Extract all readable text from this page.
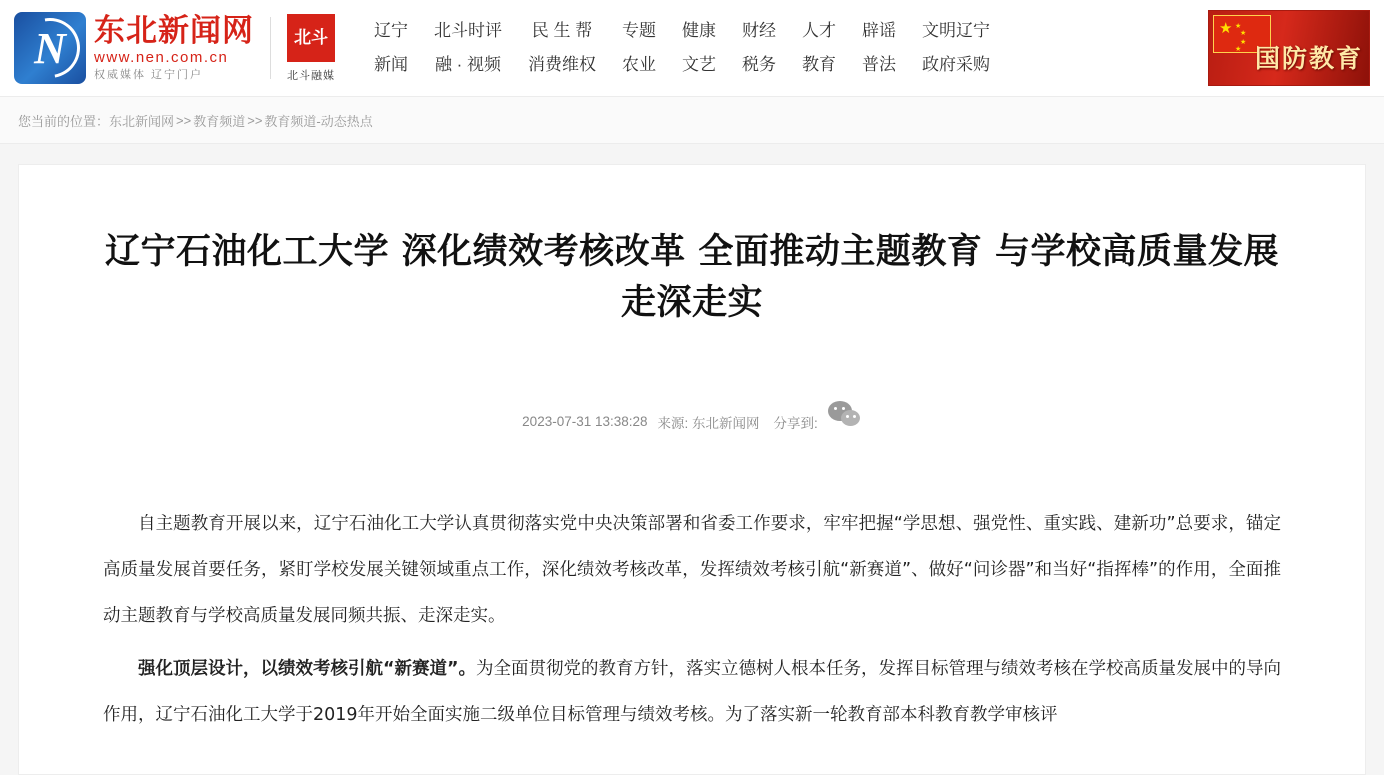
N 东北新闻网
www.nen.com.cn
权威媒体 辽宁门户
北斗
北斗融媒
辽宁
新闻
北斗时评
融 · 视频
民 生 帮
消费维权
专题
农业
健康
文艺
财经
税务
人才
教育
辟谣
普法
文明辽宁
政府采购
★ ★
★
★
★ 国防教育
您当前的位置： 东北新闻网 >> 教育频道 >> 教育频道-动态热点
辽宁石油化工大学 深化绩效考核改革 全面推动主题教育 与学校高质量发展走深走实
2023-07-31 13:38:28 来源: 东北新闻网 分享到:

自主题教育开展以来，辽宁石油化工大学认真贯彻落实党中央决策部署和省委工作要求，牢牢把握“学思想、强党性、重实践、建新功”总要求，锚定高质量发展首要任务，紧盯学校发展关键领域重点工作，深化绩效考核改革，发挥绩效考核引航“新赛道”、做好“问诊器”和当好“指挥棒”的作用，全面推动主题教育与学校高质量发展同频共振、走深走实。

强化顶层设计，以绩效考核引航“新赛道”。为全面贯彻党的教育方针，落实立德树人根本任务，发挥目标管理与绩效考核在学校高质量发展中的导向作用，辽宁石油化工大学于2019年开始全面实施二级单位目标管理与绩效考核。为了落实新一轮教育部本科教育教学审核评
